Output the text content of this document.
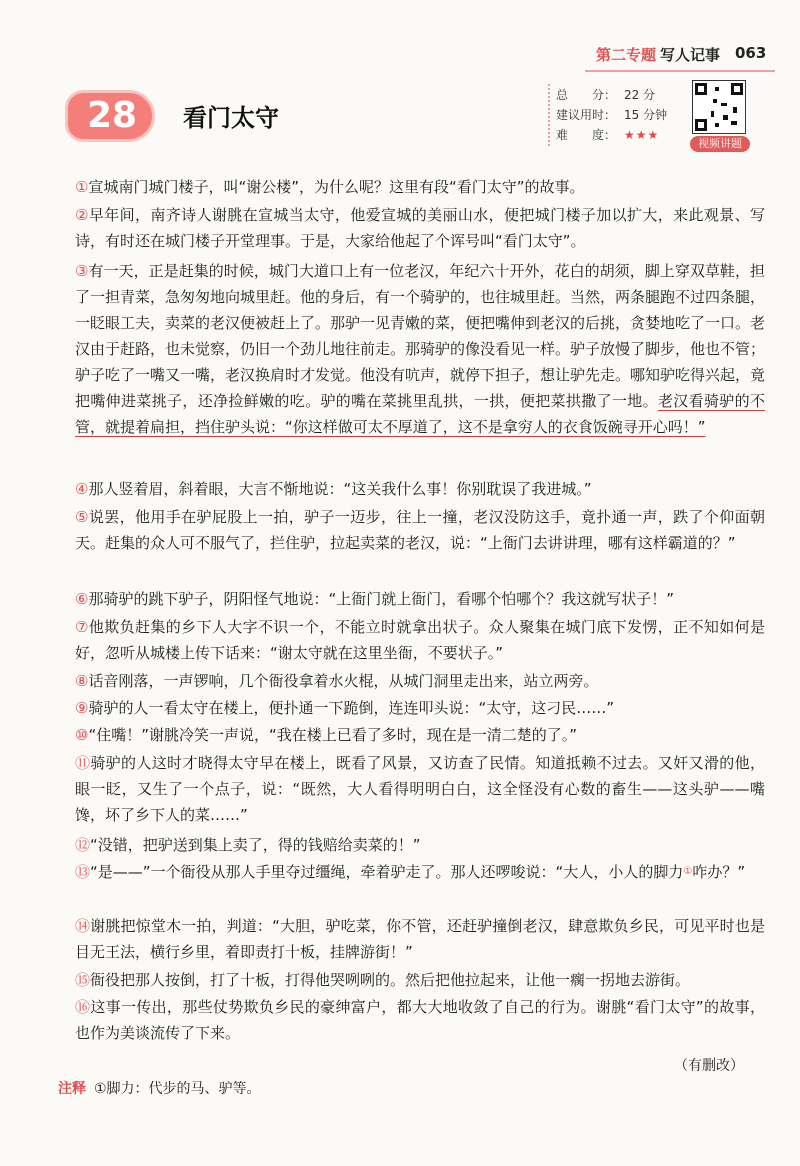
第二专题 写人记事 063
28 看门太守
总　　分： 22 分
建议用时： 15 分钟
难　　度： ★★★
视频讲题

①宣城南门城门楼子，叫“谢公楼”，为什么呢？这里有段“看门太守”的故事。

②早年间，南齐诗人谢朓在宣城当太守，他爱宣城的美丽山水，便把城门楼子加以扩大，来此观景、写诗，有时还在城门楼子开堂理事。于是，大家给他起了个诨号叫“看门太守”。

③有一天，正是赶集的时候，城门大道口上有一位老汉，年纪六十开外，花白的胡须，脚上穿双草鞋，担了一担青菜，急匆匆地向城里赶。他的身后，有一个骑驴的，也往城里赶。当然，两条腿跑不过四条腿，一眨眼工夫，卖菜的老汉便被赶上了。那驴一见青嫩的菜，便把嘴伸到老汉的后挑，贪婪地吃了一口。老汉由于赶路，也未觉察，仍旧一个劲儿地往前走。那骑驴的像没看见一样。驴子放慢了脚步，他也不管；驴子吃了一嘴又一嘴，老汉换肩时才发觉。他没有吭声，就停下担子，想让驴先走。哪知驴吃得兴起，竟把嘴伸进菜挑子，还净捡鲜嫩的吃。驴的嘴在菜挑里乱拱，一拱，便把菜拱撒了一地。老汉看骑驴的不管，就提着扁担，挡住驴头说：“你这样做可太不厚道了，这不是拿穷人的衣食饭碗寻开心吗！”

④那人竖着眉，斜着眼，大言不惭地说：“这关我什么事！你别耽误了我进城。”

⑤说罢，他用手在驴屁股上一拍，驴子一迈步，往上一撞，老汉没防这手，竟扑通一声，跌了个仰面朝天。赶集的众人可不服气了，拦住驴，拉起卖菜的老汉，说：“上衙门去讲讲理，哪有这样霸道的？”

⑥那骑驴的跳下驴子，阴阳怪气地说：“上衙门就上衙门，看哪个怕哪个？我这就写状子！”

⑦他欺负赶集的乡下人大字不识一个，不能立时就拿出状子。众人聚集在城门底下发愣，正不知如何是好，忽听从城楼上传下话来：“谢太守就在这里坐衙，不要状子。”

⑧话音刚落，一声锣响，几个衙役拿着水火棍，从城门洞里走出来，站立两旁。

⑨骑驴的人一看太守在楼上，便扑通一下跪倒，连连叩头说：“太守，这刁民……”

⑩“住嘴！”谢朓冷笑一声说，“我在楼上已看了多时，现在是一清二楚的了。”

⑪骑驴的人这时才晓得太守早在楼上，既看了风景，又访查了民情。知道抵赖不过去。又奸又滑的他，眼一眨，又生了一个点子，说：“既然，大人看得明明白白，这全怪没有心数的畜生——这头驴——嘴馋，坏了乡下人的菜……”

⑫“没错，把驴送到集上卖了，得的钱赔给卖菜的！”

⑬“是——”一个衙役从那人手里夺过缰绳，牵着驴走了。那人还啰唆说：“大人，小人的脚力①咋办？”

⑭谢朓把惊堂木一拍，判道：“大胆，驴吃菜，你不管，还赶驴撞倒老汉，肆意欺负乡民，可见平时也是目无王法，横行乡里，着即责打十板，挂牌游街！”

⑮衙役把那人按倒，打了十板，打得他哭咧咧的。然后把他拉起来，让他一瘸一拐地去游街。

⑯这事一传出，那些仗势欺负乡民的豪绅富户，都大大地收敛了自己的行为。谢朓“看门太守”的故事，也作为美谈流传了下来。

（有删改）
注释 ①脚力：代步的马、驴等。
